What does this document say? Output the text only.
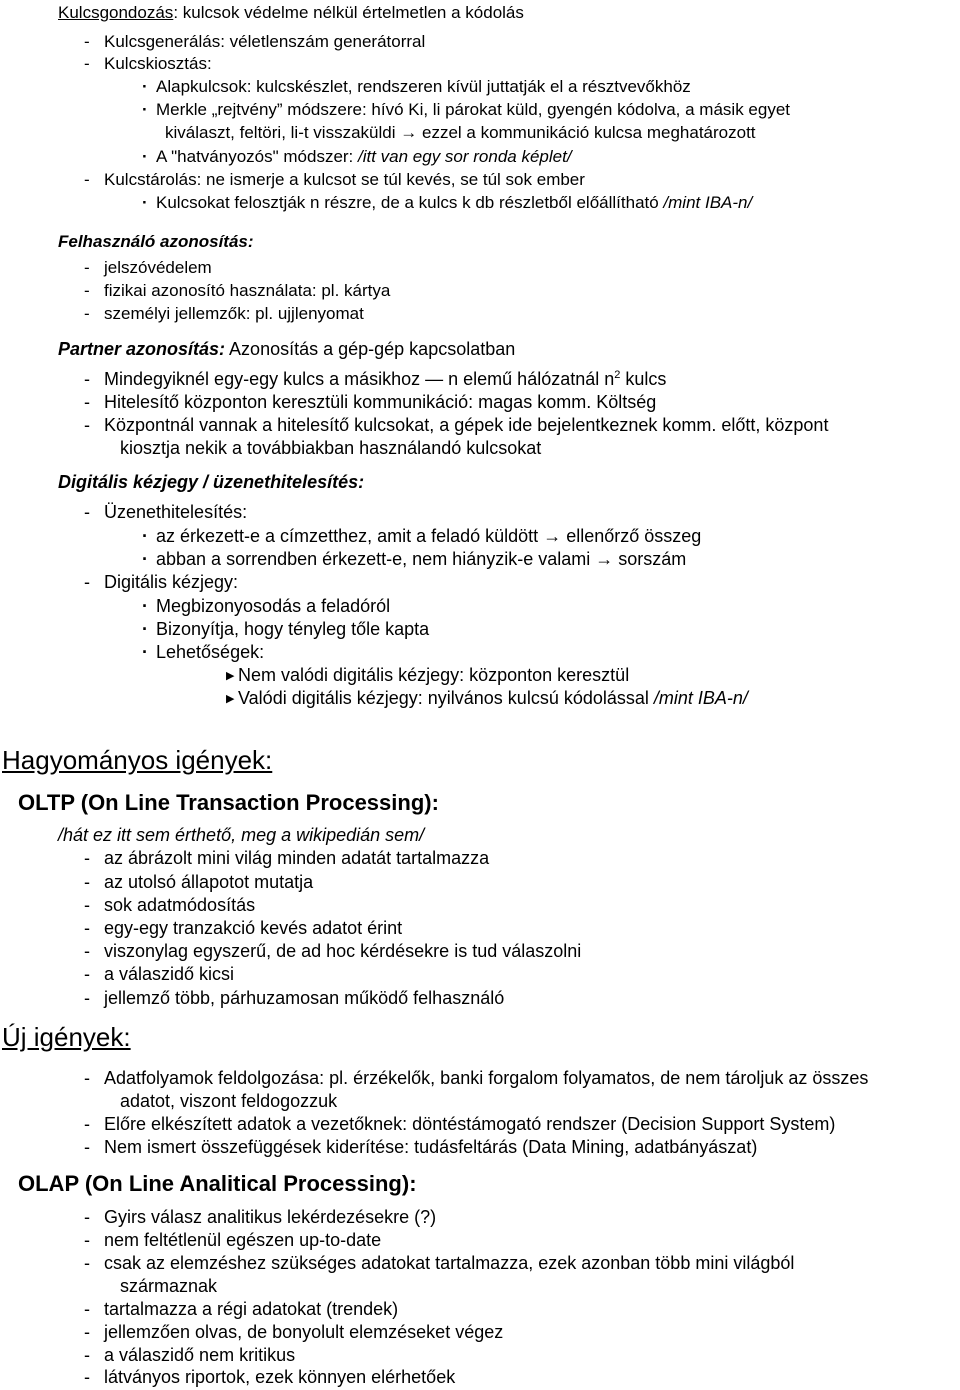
Kulcsgondozás: kulcsok védelme nélkül értelmetlen a kódolás
- Kulcsgenerálás: véletlenszám generátorral
- Kulcskiosztás:
· Alapkulcsok: kulcskészlet, rendszeren kívül juttatják el a résztvevőkhöz
· Merkle „rejtvény” módszere: hívó Ki, li párokat küld, gyengén kódolva, a másik egyet
kiválaszt, feltöri, li-t visszaküldi → ezzel a kommunikáció kulcsa meghatározott
· A "hatványozós" módszer: /itt van egy sor ronda képlet/
- Kulcstárolás: ne ismerje a kulcsot se túl kevés, se túl sok ember
· Kulcsokat felosztják n részre, de a kulcs k db részletből előállítható /mint IBA-n/
Felhasználó azonosítás:
- jelszóvédelem
- fizikai azonosító használata: pl. kártya
- személyi jellemzők: pl. ujjlenyomat
Partner azonosítás: Azonosítás a gép-gép kapcsolatban
- Mindegyiknél egy-egy kulcs a másikhoz — n elemű hálózatnál $n^2$ kulcs
- Hitelesítő központon keresztüli kommunikáció: magas komm. Költség
- Központnál vannak a hitelesítő kulcsokat, a gépek ide bejelentkeznek komm. előtt, központ
kiosztja nekik a továbbiakban használandó kulcsokat
Digitális kézjegy / üzenethitelesítés:
- Üzenethitelesítés:
· az érkezett-e a címzetthez, amit a feladó küldött → ellenőrző összeg
· abban a sorrendben érkezett-e, nem hiányzik-e valami → sorszám
- Digitális kézjegy:
· Megbizonyosodás a feladóról
· Bizonyítja, hogy tényleg tőle kapta
· Lehetőségek:
▶ Nem valódi digitális kézjegy: központon keresztül
▶ Valódi digitális kézjegy: nyilvános kulcsú kódolással /mint IBA-n/
Hagyományos igények:
OLTP (On Line Transaction Processing):
/hát ez itt sem érthető, meg a wikipedián sem/
- az ábrázolt mini világ minden adatát tartalmazza
- az utolsó állapotot mutatja
- sok adatmódosítás
- egy-egy tranzakció kevés adatot érint
- viszonylag egyszerű, de ad hoc kérdésekre is tud válaszolni
- a válaszidő kicsi
- jellemző több, párhuzamosan működő felhasználó
Új igények:
- Adatfolyamok feldolgozása: pl. érzékelők, banki forgalom folyamatos, de nem tároljuk az összes
adatot, viszont feldogozzuk
- Előre elkészített adatok a vezetőknek: döntéstámogató rendszer (Decision Support System)
- Nem ismert összefüggések kiderítése: tudásfeltárás (Data Mining, adatbányászat)
OLAP (On Line Analitical Processing):
- Gyirs válasz analitikus lekérdezésekre (?)
- nem feltétlenül egészen up-to-date
- csak az elemzéshez szükséges adatokat tartalmazza, ezek azonban több mini világból
származnak
- tartalmazza a régi adatokat (trendek)
- jellemzően olvas, de bonyolult elemzéseket végez
- a válaszidő nem kritikus
- látványos riportok, ezek könnyen elérhetőek
